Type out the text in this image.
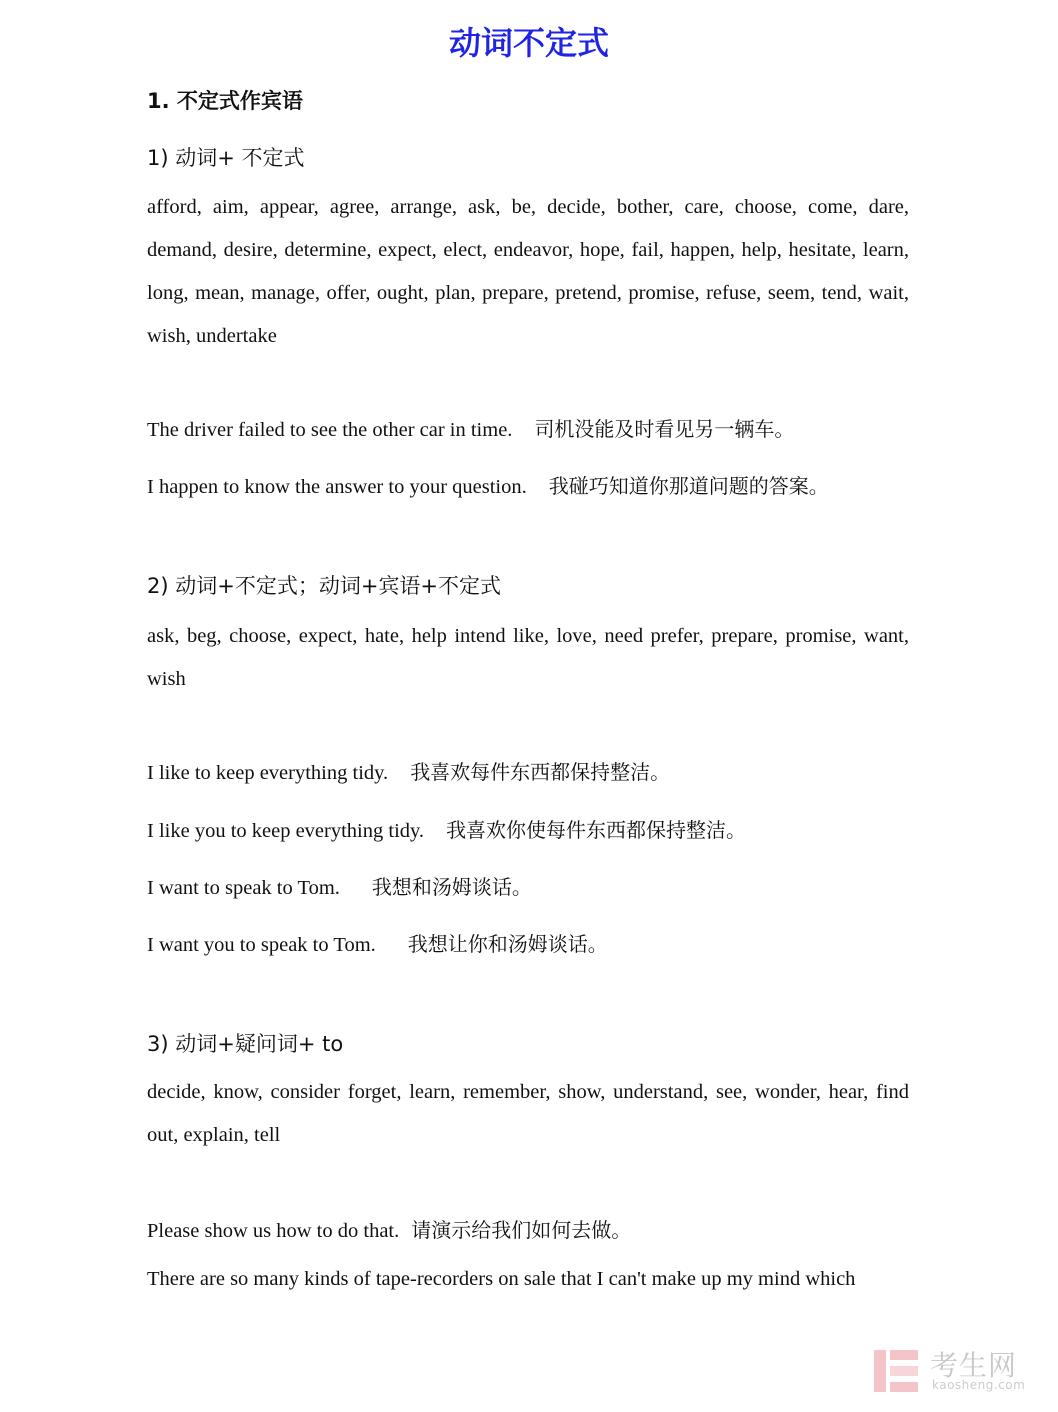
动词不定式
1. 不定式作宾语
1) 动词+ 不定式
afford, aim, appear, agree, arrange, ask, be, decide, bother, care, choose, come, dare, demand, desire, determine, expect, elect, endeavor, hope, fail, happen, help, hesitate, learn, long, mean, manage, offer, ought, plan, prepare, pretend, promise, refuse, seem, tend, wait, wish, undertake
The driver failed to see the other car in time. 司机没能及时看见另一辆车。
I happen to know the answer to your question. 我碰巧知道你那道问题的答案。
2) 动词+不定式；动词+宾语+不定式
ask, beg, choose, expect, hate, help intend like, love, need prefer, prepare, promise, want, wish
I like to keep everything tidy. 我喜欢每件东西都保持整洁。
I like you to keep everything tidy. 我喜欢你使每件东西都保持整洁。
I want to speak to Tom. 我想和汤姆谈话。
I want you to speak to Tom. 我想让你和汤姆谈话。
3) 动词+疑问词+ to
decide, know, consider forget, learn, remember, show, understand, see, wonder, hear, find out, explain, tell
Please show us how to do that. 请演示给我们如何去做。
There are so many kinds of tape-recorders on sale that I can't make up my mind which
考生网
kaosheng.com
